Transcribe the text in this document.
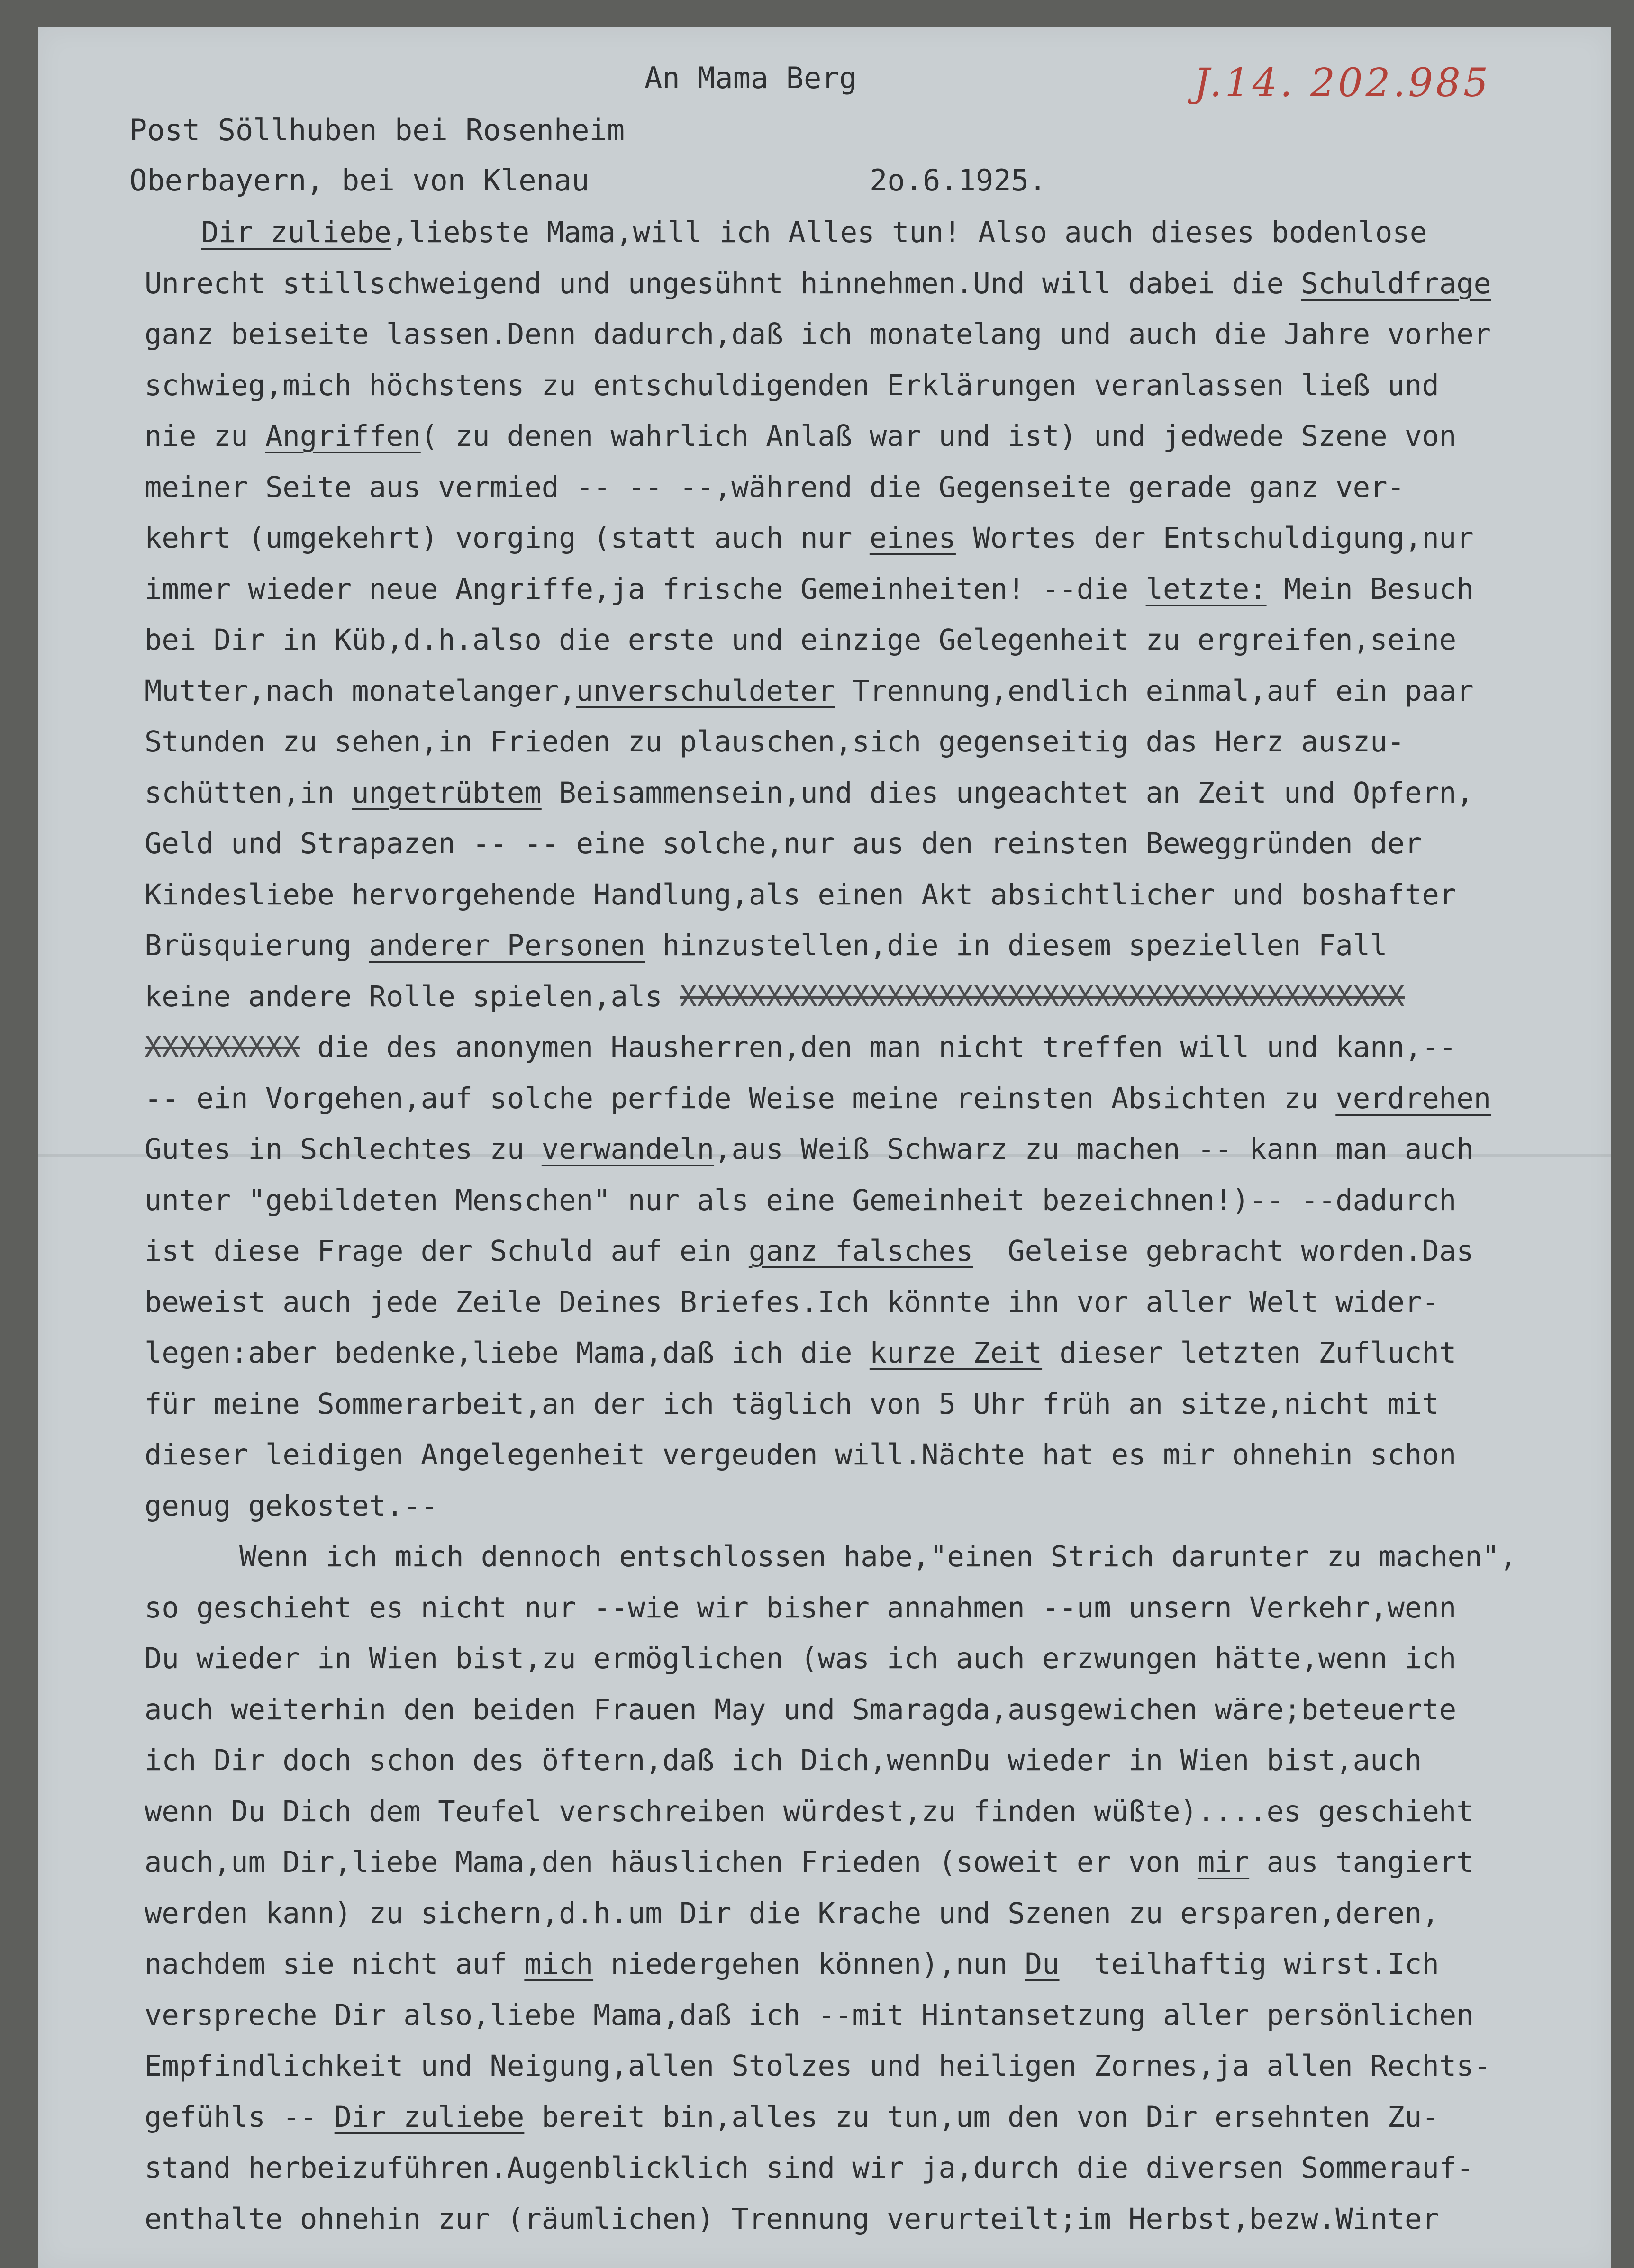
An Mama Berg	J.14. 202.985
Post Söllhuben bei Rosenheim
Oberbayern, bei von Klenau	2o.6.1925.
Dir zuliebe,liebste Mama,will ich Alles tun! Also auch dieses bodenlose
Unrecht stillschweigend und ungesühnt hinnehmen.Und will dabei die Schuldfrage
ganz beiseite lassen.Denn dadurch,daß ich monatelang und auch die Jahre vorher
schwieg,mich höchstens zu entschuldigenden Erklärungen veranlassen ließ und
nie zu Angriffen( zu denen wahrlich Anlaß war und ist) und jedwede Szene von
meiner Seite aus vermied -- -- --,während die Gegenseite gerade ganz ver-
kehrt (umgekehrt) vorging (statt auch nur eines Wortes der Entschuldigung,nur
immer wieder neue Angriffe,ja frische Gemeinheiten! --die letzte: Mein Besuch
bei Dir in Küb,d.h.also die erste und einzige Gelegenheit zu ergreifen,seine
Mutter,nach monatelanger,unverschuldeter Trennung,endlich einmal,auf ein paar
Stunden zu sehen,in Frieden zu plauschen,sich gegenseitig das Herz auszu-
schütten,in ungetrübtem Beisammensein,und dies ungeachtet an Zeit und Opfern,
Geld und Strapazen -- -- eine solche,nur aus den reinsten Beweggründen der
Kindesliebe hervorgehende Handlung,als einen Akt absichtlicher und boshafter
Brüsquierung anderer Personen hinzustellen,die in diesem speziellen Fall
keine andere Rolle spielen,als XXXXXXXXXXXXXXXXXXXXXXXXXXXXXXXXXXXXXXXXXX
XXXXXXXXX die des anonymen Hausherren,den man nicht treffen will und kann,--
-- ein Vorgehen,auf solche perfide Weise meine reinsten Absichten zu verdrehen
Gutes in Schlechtes zu verwandeln,aus Weiß Schwarz zu machen -- kann man auch
unter "gebildeten Menschen" nur als eine Gemeinheit bezeichnen!)-- --dadurch
ist diese Frage der Schuld auf ein ganz falsches  Geleise gebracht worden.Das
beweist auch jede Zeile Deines Briefes.Ich könnte ihn vor aller Welt wider-
legen:aber bedenke,liebe Mama,daß ich die kurze Zeit dieser letzten Zuflucht
für meine Sommerarbeit,an der ich täglich von 5 Uhr früh an sitze,nicht mit
dieser leidigen Angelegenheit vergeuden will.Nächte hat es mir ohnehin schon
genug gekostet.--
Wenn ich mich dennoch entschlossen habe,"einen Strich darunter zu machen",
so geschieht es nicht nur --wie wir bisher annahmen --um unsern Verkehr,wenn
Du wieder in Wien bist,zu ermöglichen (was ich auch erzwungen hätte,wenn ich
auch weiterhin den beiden Frauen May und Smaragda,ausgewichen wäre;beteuerte
ich Dir doch schon des öftern,daß ich Dich,wennDu wieder in Wien bist,auch
wenn Du Dich dem Teufel verschreiben würdest,zu finden wüßte)....es geschieht
auch,um Dir,liebe Mama,den häuslichen Frieden (soweit er von mir aus tangiert
werden kann) zu sichern,d.h.um Dir die Krache und Szenen zu ersparen,deren,
nachdem sie nicht auf mich niedergehen können),nun Du  teilhaftig wirst.Ich
verspreche Dir also,liebe Mama,daß ich --mit Hintansetzung aller persönlichen
Empfindlichkeit und Neigung,allen Stolzes und heiligen Zornes,ja allen Rechts-
gefühls -- Dir zuliebe bereit bin,alles zu tun,um den von Dir ersehnten Zu-
stand herbeizuführen.Augenblicklich sind wir ja,durch die diversen Sommerauf-
enthalte ohnehin zur (räumlichen) Trennung verurteilt;im Herbst,bezw.Winter
